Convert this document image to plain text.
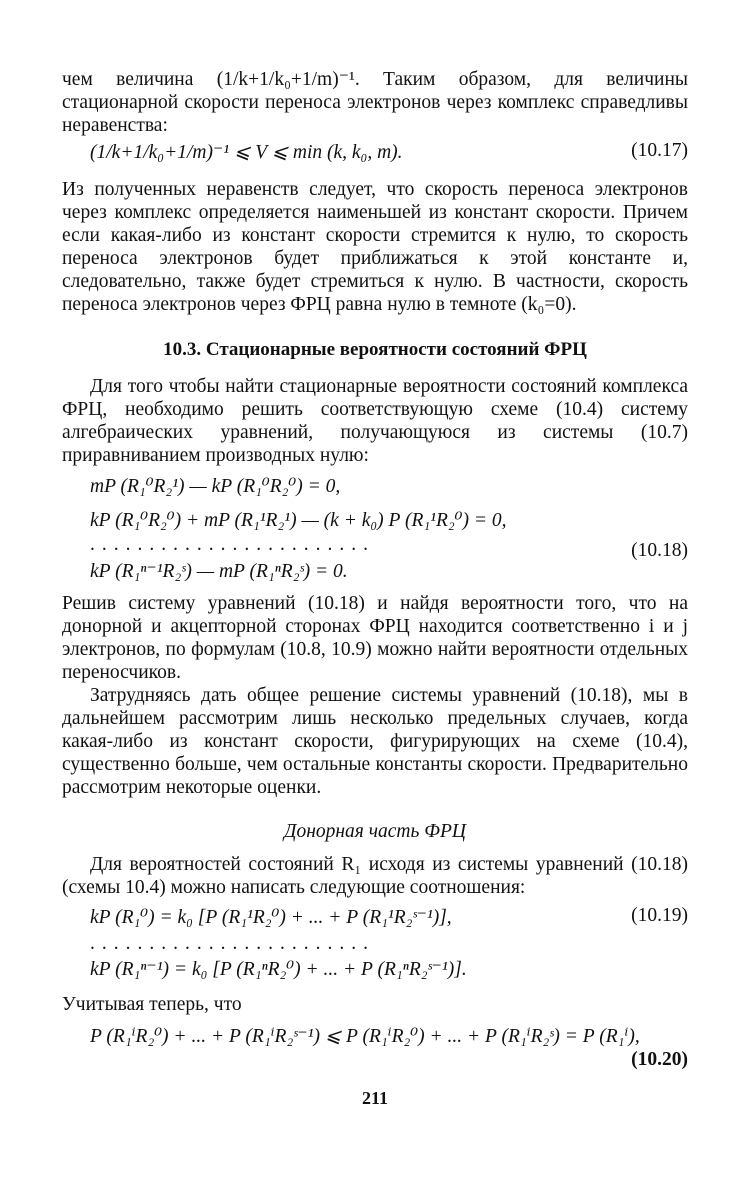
чем величина (1/k+1/k₀+1/m)⁻¹. Таким образом, для величины стационарной скорости переноса электронов через комплекс справедливы неравенства:

(1/k+1/k₀+1/m)⁻¹ ⩽ V ⩽ min (k, k₀, m).	(10.17)

Из полученных неравенств следует, что скорость переноса электронов через комплекс определяется наименьшей из констант скорости. Причем если какая-либо из констант скорости стремится к нулю, то скорость переноса электронов будет приближаться к этой константе и, следовательно, также будет стремиться к нулю. В частности, скорость переноса электронов через ФРЦ равна нулю в темноте (k₀=0).

10.3. Стационарные вероятности состояний ФРЦ

Для того чтобы найти стационарные вероятности состояний комплекса ФРЦ, необходимо решить соответствующую схеме (10.4) систему алгебраических уравнений, получающуюся из системы (10.7) приравниванием производных нулю:

mP (R₁⁰R₂¹) — kP (R₁⁰R₂⁰) = 0,
kP (R₁⁰R₂⁰) + mP (R₁¹R₂¹) — (k + k₀) P (R₁¹R₂⁰) = 0,
........................	(10.18)
kP (R₁ⁿ⁻¹R₂ˢ) — mP (R₁ⁿR₂ˢ) = 0.

Решив систему уравнений (10.18) и найдя вероятности того, что на донорной и акцепторной сторонах ФРЦ находится соответственно i и j электронов, по формулам (10.8, 10.9) можно найти вероятности отдельных переносчиков.

Затрудняясь дать общее решение системы уравнений (10.18), мы в дальнейшем рассмотрим лишь несколько предельных случаев, когда какая-либо из констант скорости, фигурирующих на схеме (10.4), существенно больше, чем остальные константы скорости. Предварительно рассмотрим некоторые оценки.

Донорная часть ФРЦ

Для вероятностей состояний R₁ исходя из системы уравнений (10.18) (схемы 10.4) можно написать следующие соотношения:

kP (R₁⁰) = k₀ [P (R₁¹R₂⁰) + ... + P (R₁¹R₂ˢ⁻¹)],	(10.19)
........................
kP (R₁ⁿ⁻¹) = k₀ [P (R₁ⁿR₂⁰) + ... + P (R₁ⁿR₂ˢ⁻¹)].

Учитывая теперь, что

P (R₁ⁱR₂⁰) + ... + P (R₁ⁱR₂ˢ⁻¹) ⩽ P (R₁ⁱR₂⁰) + ... + P (R₁ⁱR₂ˢ) = P (R₁ⁱ),
(10.20)
211
